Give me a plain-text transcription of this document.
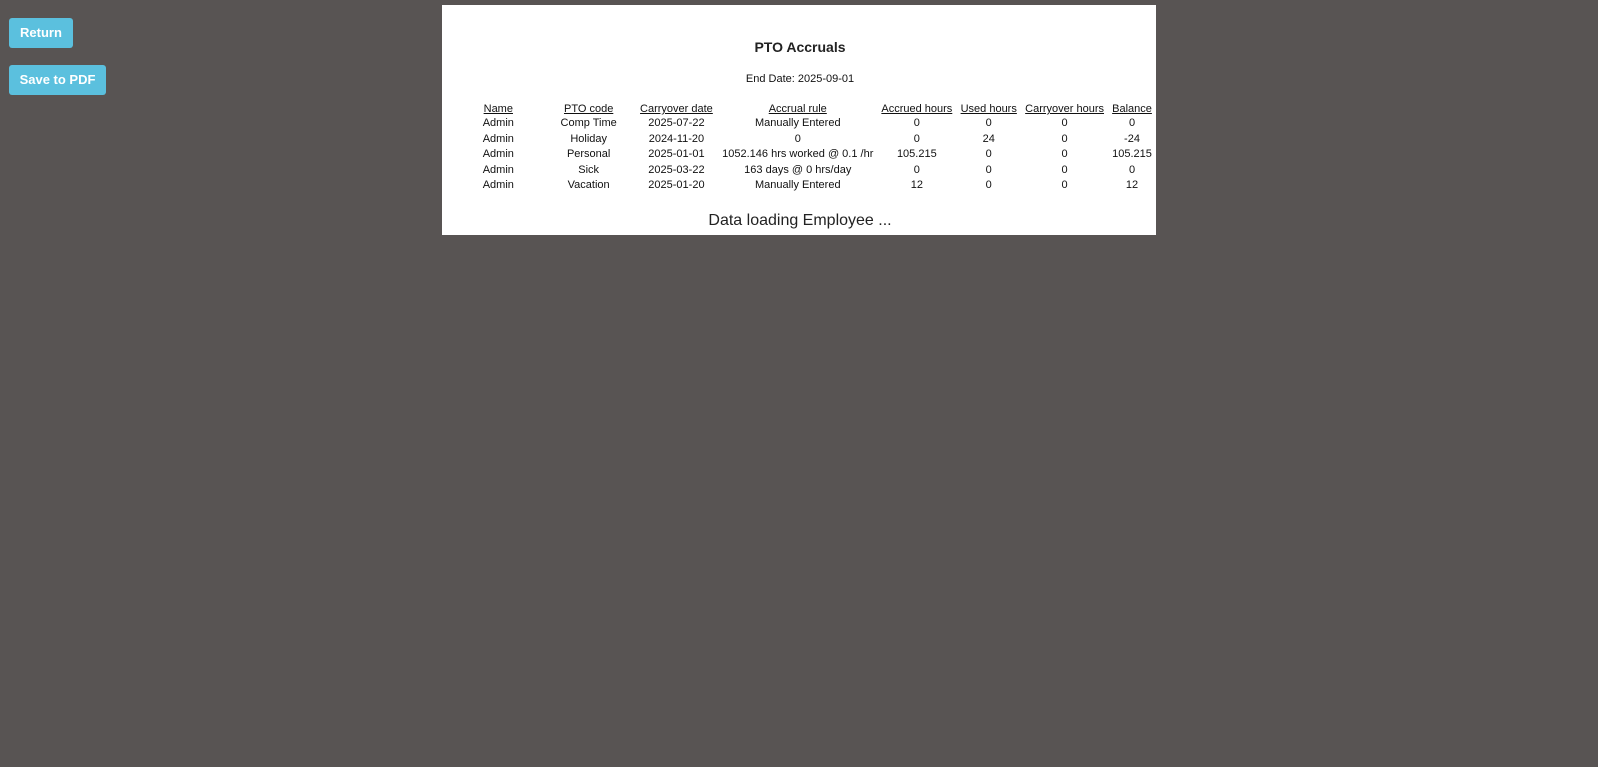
Return
Save to PDF
PTO Accruals
End Date: 2025-09-01
Name	PTO code	Carryover date	Accrual rule	Accrued hours	Used hours	Carryover hours	Balance
Admin	Comp Time	2025-07-22	Manually Entered	0	0	0	0
Admin	Holiday	2024-11-20	0	0	24	0	-24
Admin	Personal	2025-01-01	1052.146 hrs worked @ 0.1 /hr	105.215	0	0	105.215
Admin	Sick	2025-03-22	163 days @ 0 hrs/day	0	0	0	0
Admin	Vacation	2025-01-20	Manually Entered	12	0	0	12
Data loading Employee ...
